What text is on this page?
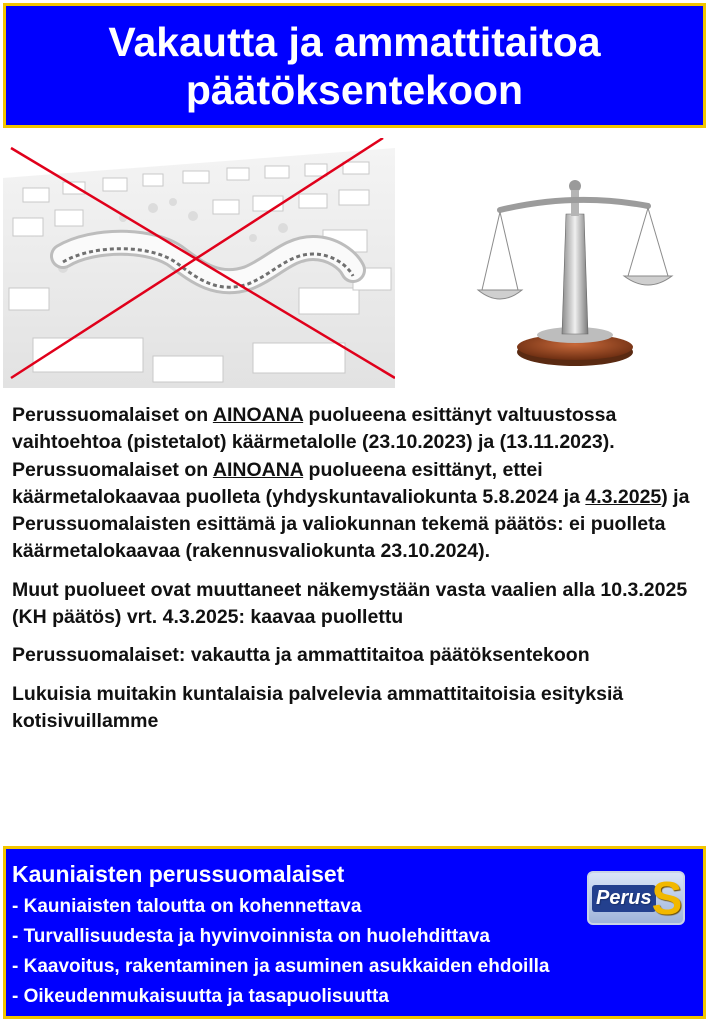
Vakautta ja ammattitaitoa
päätöksentekoon

Perussuomalaiset on AINOANA puolueena esittänyt valtuustossa vaihtoehtoa (pistetalot) käärmetalolle (23.10.2023) ja (13.11.2023). Perussuomalaiset on AINOANA puolueena esittänyt, ettei käärmetalokaavaa puolleta (yhdyskuntavaliokunta 5.8.2024 ja 4.3.2025) ja Perussuomalaisten esittämä ja valiokunnan tekemä päätös: ei puolleta käärmetalokaavaa (rakennusvaliokunta 23.10.2024).

Muut puolueet ovat muuttaneet näkemystään vasta vaalien alla 10.3.2025 (KH päätös) vrt. 4.3.2025: kaavaa puollettu

Perussuomalaiset: vakautta ja ammattitaitoa päätöksentekoon

Lukuisia muitakin kuntalaisia palvelevia ammattitaitoisia esityksiä kotisivuillamme

Kauniaisten perussuomalaiset
- Kauniaisten taloutta on kohennettava
- Turvallisuudesta ja hyvinvoinnista on huolehdittava
- Kaavoitus, rakentaminen ja asuminen asukkaiden ehdoilla
- Oikeudenmukaisuutta ja tasapuolisuutta
Perus S
